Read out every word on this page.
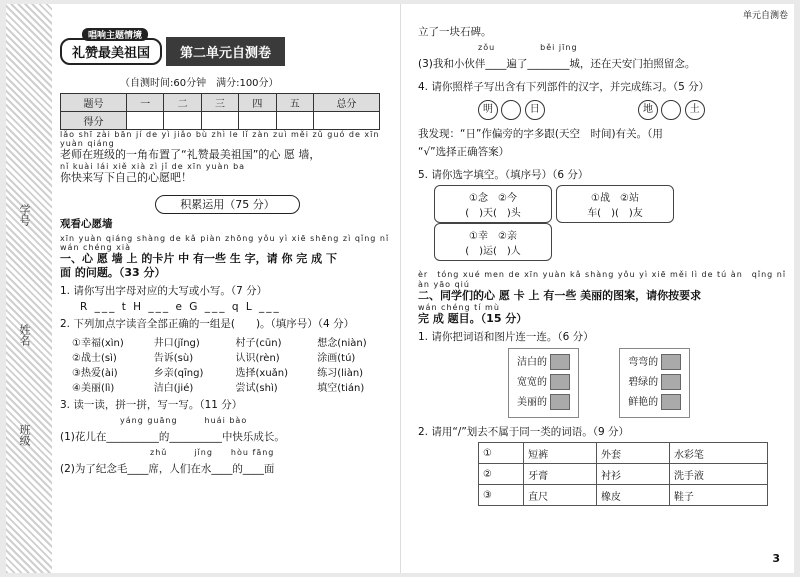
学号
姓名
班级
唱响主题情境
礼赞最美祖国	第二单元自测卷
（自测时间:60分钟　满分:100分）
题号	一	二	三	四	五	总分
得分						
lǎo shī zài bān jí de yì jiǎo bù zhì le lǐ zàn zuì měi zǔ guó de xīn yuàn qiáng
老师在班级的一角布置了“礼赞最美祖国”的心 愿 墙，
nǐ kuài lái xiě xià zì jǐ de xīn yuàn ba
你快来写下自己的心愿吧！
积累运用（75 分）
观看心愿墙
xīn yuàn qiáng shàng de kǎ piàn zhōng yǒu yì xiē shēng zì qǐng nǐ wán chéng xià
一、心 愿 墙 上 的卡片 中 有一些 生 字，请 你 完 成 下
面 的问题。（33 分）
1. 请你写出字母对应的大写或小写。（7 分）
R ___ t H ___ e G ___ q L ___
2. 下列加点字读音全部正确的一组是(　　)。（填序号）（4 分）
①幸福(xìn)	井口(jǐng)	村子(cūn)	想念(niàn)
②战士(sì)	告诉(sù)	认识(rèn)	涂画(tú)
③热爱(ài)	乡亲(qīng)	选择(xuǎn)	练习(liàn)
④美丽(lì)	洁白(jié)	尝试(shì)	填空(tián)
3. 读一读，拼一拼，写一写。（11 分）
yáng guāng　　　huái bào
(1)花儿在__________的__________中快乐成长。
zhǔ　　　jǐng　　hòu fāng
(2)为了纪念毛____席，人们在水____的____面
单元自测卷
立了一块石碑。
zǒu　　　　　běi jīng
(3)我和小伙伴____遍了________城，还在天安门拍照留念。
4. 请你照样子写出含有下列部件的汉字，并完成练习。（5 分）
明	日	地	土
我发现：“日”作偏旁的字多跟(天空　时间)有关。（用
“√”选择正确答案）
5. 请你选字填空。（填序号）（6 分）
①念　②今
(　)天(　)头
①战　②站
车(　)(　)友
①幸　②亲
(　)运(　)人
èr　tóng xué men de xīn yuàn kǎ shàng yǒu yì xiē měi lì de tú àn　qǐng nǐ àn yāo qiú
二、同学们的心 愿 卡 上 有一些 美丽的图案，请你按要求
wán chéng tí mù
完 成 题目。（15 分）
1. 请你把词语和图片连一连。（6 分）
洁白的
宽宽的
美丽的
弯弯的
碧绿的
鲜艳的
2. 请用“/”划去不属于同一类的词语。（9 分）
①	短裤	外套	水彩笔
②	牙膏	衬衫	洗手液
③	直尺	橡皮	鞋子
3
